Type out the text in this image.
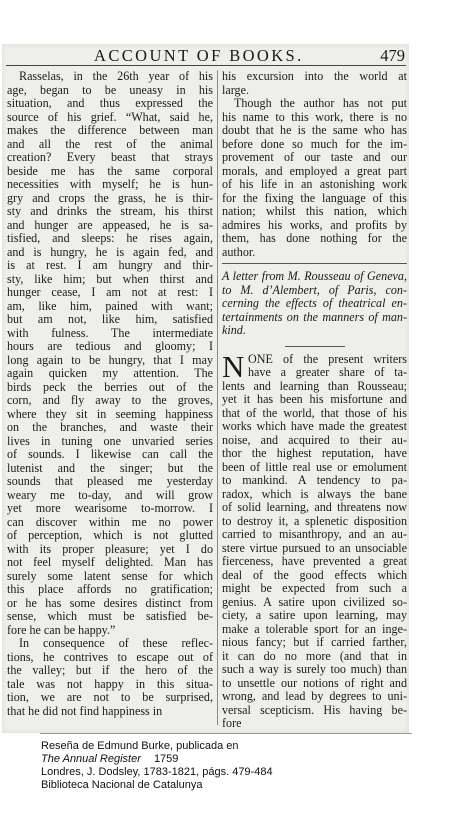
ACCOUNT OF BOOKS.	479
Rasselas, in the 26th year of his
age, began to be uneasy in his
situation, and thus expressed the
source of his grief. “What, said he,
makes the difference between man
and all the rest of the animal
creation? Every beast that strays
beside me has the same corporal
necessities with myself; he is hun-
gry and crops the grass, he is thir-
sty and drinks the stream, his thirst
and hunger are appeased, he is sa-
tisfied, and sleeps: he rises again,
and is hungry, he is again fed, and
is at rest. I am hungry and thir-
sty, like him; but when thirst and
hunger cease, I am not at rest: I
am, like him, pained with want;
but am not, like him, satisfied
with fulness. The intermediate
hours are tedious and gloomy; I
long again to be hungry, that I may
again quicken my attention. The
birds peck the berries out of the
corn, and fly away to the groves,
where they sit in seeming happiness
on the branches, and waste their
lives in tuning one unvaried series
of sounds. I likewise can call the
lutenist and the singer; but the
sounds that pleased me yesterday
weary me to-day, and will grow
yet more wearisome to-morrow. I
can discover within me no power
of perception, which is not glutted
with its proper pleasure; yet I do
not feel myself delighted. Man has
surely some latent sense for which
this place affords no gratification;
or he has some desires distinct from
sense, which must be satisfied be-
fore he can be happy.”
In consequence of these reflec-
tions, he contrives to escape out of
the valley; but if the hero of the
tale was not happy in this situa-
tion, we are not to be surprised,
that he did not find happiness in
his excursion into the world at
large.
Though the author has not put
his name to this work, there is no
doubt that he is the same who has
before done so much for the im-
provement of our taste and our
morals, and employed a great part
of his life in an astonishing work
for the fixing the language of this
nation; whilst this nation, which
admires his works, and profits by
them, has done nothing for the
author.
A letter from M. Rousseau of Geneva,
to M. d’Alembert, of Paris, con-
cerning the effects of theatrical en-
tertainments on the manners of man-
kind.
N ONE of the present writers
have a greater share of ta-
lents and learning than Rousseau;
yet it has been his misfortune and
that of the world, that those of his
works which have made the greatest
noise, and acquired to their au-
thor the highest reputation, have
been of little real use or emolument
to mankind. A tendency to pa-
radox, which is always the bane
of solid learning, and threatens now
to destroy it, a splenetic disposition
carried to misanthropy, and an au-
stere virtue pursued to an unsociable
fierceness, have prevented a great
deal of the good effects which
might be expected from such a
genius. A satire upon civilized so-
ciety, a satire upon learning, may
make a tolerable sport for an inge-
nious fancy; but if carried farther,
it can do no more (and that in
such a way is surely too much) than
to unsettle our notions of right and
wrong, and lead by degrees to uni-
versal scepticism. His having be-
fore
Reseña de Edmund Burke, publicada en
The Annual Register 1759
Londres, J. Dodsley, 1783-1821, págs. 479-484
Biblioteca Nacional de Catalunya
